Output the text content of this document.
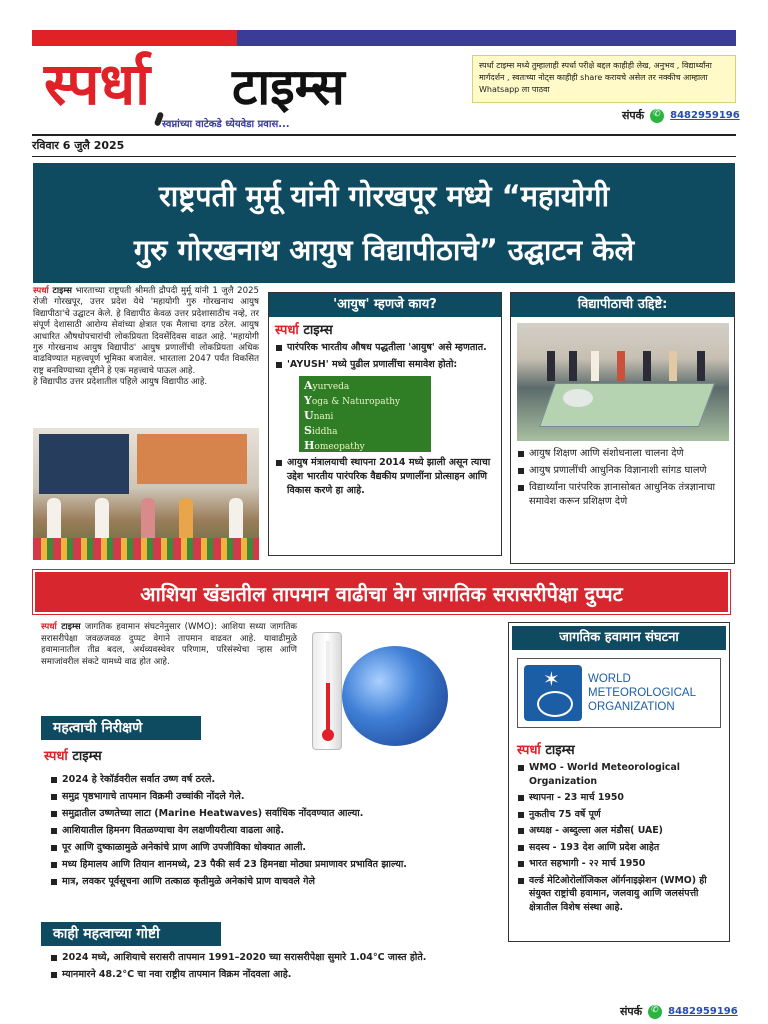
स्पर्धा टाइम्स
स्वप्नांच्या वाटेकडे ध्येयवेडा प्रवास...
स्पर्धा टाइम्स मध्ये तुम्हालाही स्पर्धा परीक्षे बद्दल काहीही लेख, अनुभव , विद्यार्थ्यांना मार्गदर्शन , स्वतःच्या नोट्स काहीही share करायचे असेल तर नक्कीच आम्हाला Whatsapp ला पाठवा
संपर्क ✆	8482959196
रविवार 6 जुलै 2025
राष्ट्रपती मुर्मू यांनी गोरखपूर मध्ये “महायोगी
गुरु गोरखनाथ आयुष विद्यापीठाचे” उद्घाटन केले
स्पर्धा टाइम्स भारताच्या राष्ट्रपती श्रीमती द्रौपदी मुर्मू यांनी 1 जुलै 2025 रोजी गोरखपूर, उत्तर प्रदेश येथे 'महायोगी गुरु गोरखनाथ आयुष विद्यापीठा'चे उद्घाटन केले. हे विद्यापीठ केवळ उत्तर प्रदेशासाठीच नव्हे, तर संपूर्ण देशासाठी आरोग्य सेवांच्या क्षेत्रात एक मैलाचा दगड ठरेल. आयुष आधारित औषधोपचारांची लोकप्रियता दिवसेंदिवस वाढत आहे. 'महायोगी गुरु गोरखनाथ आयुष विद्यापीठ' आयुष प्रणालींची लोकप्रियता अधिक वाढविण्यात महत्त्वपूर्ण भूमिका बजावेल. भारताला 2047 पर्यंत विकसित राष्ट्र बनविण्याच्या दृष्टीने हे एक महत्त्वाचे पाऊल आहे.
हे विद्यापीठ उत्तर प्रदेशातील पहिले आयुष विद्यापीठ आहे.
'आयुष' म्हणजे काय?
स्पर्धा टाइम्स
पारंपरिक भारतीय औषध पद्धतीला 'आयुष' असे म्हणतात.
'AYUSH' मध्ये पुढील प्रणालींचा समावेश होतो:
Ayurveda
Yoga & Naturopathy
Unani
Siddha
Homeopathy
आयुष मंत्रालयाची स्थापना 2014 मध्ये झाली असून त्याचा उद्देश भारतीय पारंपरिक वैद्यकीय प्रणालींना प्रोत्साहन आणि विकास करणे हा आहे.
विद्यापीठाची उद्दिष्टे:
आयुष शिक्षण आणि संशोधनाला चालना देणे
आयुष प्रणालींची आधुनिक विज्ञानाशी सांगड घालणे
विद्यार्थ्यांना पारंपरिक ज्ञानासोबत आधुनिक तंत्रज्ञानाचा समावेश करून प्रशिक्षण देणे
आशिया खंडातील तापमान वाढीचा वेग जागतिक सरासरीपेक्षा दुप्पट
स्पर्धा टाइम्स जागतिक हवामान संघटनेनुसार (WMO): आशिया सध्या जागतिक सरासरीपेक्षा जवळजवळ दुप्पट वेगाने तापमान वाढवत आहे. यावाढीमुळे हवामानातील तीव्र बदल, अर्थव्यवस्थेवर परिणाम, परिसंस्थेचा ऱ्हास आणि समाजांवरील संकटे यामध्ये वाढ होत आहे.
महत्वाची निरीक्षणे
स्पर्धा टाइम्स
2024 हे रेकॉर्डवरील सर्वात उष्ण वर्ष ठरले.
समुद्र पृष्ठभागाचे तापमान विक्रमी उच्चांकी नोंदले गेले.
समुद्रातील उष्णतेच्या लाटा (Marine Heatwaves) सर्वाधिक नोंदवण्यात आल्या.
आशियातील हिमनग वितळण्याचा वेग लक्षणीयरीत्या वाढला आहे.
पूर आणि दुष्काळामुळे अनेकांचे प्राण आणि उपजीविका धोक्यात आली.
मध्य हिमालय आणि तियान शानमध्ये, 23 पैकी सर्व 23 हिमनद्या मोठ्या प्रमाणावर प्रभावित झाल्या.
मात्र, लवकर पूर्वसूचना आणि तत्काळ कृतीमुळे अनेकांचे प्राण वाचवले गेले
काही महत्वाच्या गोष्टी
2024 मध्ये, आशियाचे सरासरी तापमान 1991–2020 च्या सरासरीपेक्षा सुमारे 1.04°C जास्त होते.
म्यानमारने 48.2°C चा नवा राष्ट्रीय तापमान विक्रम नोंदवला आहे.
जागतिक हवामान संघटना
✶
WORLD
METEOROLOGICAL
ORGANIZATION
स्पर्धा टाइम्स
WMO - World Meteorological Organization
स्थापना - 23 मार्च 1950
नुकतीच 75 वर्षे पूर्ण
अध्यक्ष - अब्दुल्ला अल मंडौस( UAE)
सदस्य - 193 देश आणि प्रदेश आहेत
भारत सहभागी - २२ मार्च 1950
वर्ल्ड मेटिओरोलॉजिकल ऑर्गनाइझेशन (WMO) ही संयुक्त राष्ट्रांची हवामान, जलवायु आणि जलसंपत्ती क्षेत्रातील विशेष संस्था आहे.
संपर्क ✆	8482959196
